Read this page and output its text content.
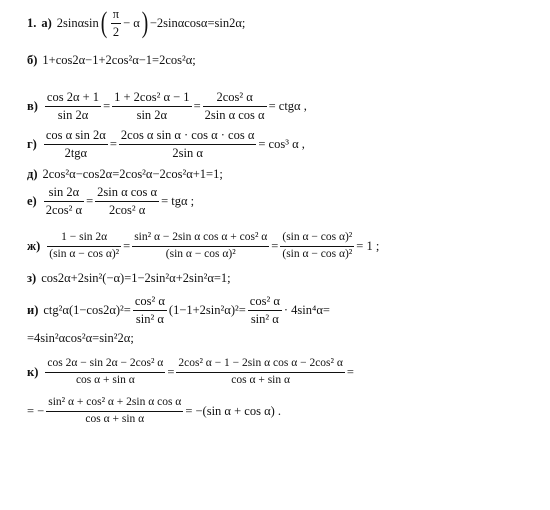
1. а) 2sinαsin ( $\frac{\pi}{2} - \alpha$ ) −2sinαcosα=sin2α;
б) 1+cos2α−1+2cos²α−1=2cos²α;
$в) \frac{\cos 2\alpha + 1}{\sin 2\alpha} = \frac{\text{1 + 2cos² α − 1}}{\sin 2\alpha} = \frac{\text{2cos² α}}{\text{2sin α cos α}} = ctg\alpha$ ,
$г) \frac{\text{cos α sin 2α}}{\text{2tgα}} = \frac{\text{2cos α sin α · cos α · cos α}}{\text{2sin α}} = \cos^3$ α ,
д) 2cos²α−cos2α=2cos²α−2cos²α+1=1;
$е) \frac{\sin 2\alpha}{\text{2cos² α}} = \frac{\text{2sin α cos α}}{\text{2cos² α}} = tg\alpha$ ;
$ж) \frac{1 - \sin 2\alpha}{\text{(sin α − cos α)²}} = \frac{\text{sin² α − 2sin α cos α + cos² α}}{\text{(sin α − cos α)²}} = \frac{\text{(sin α − cos α)²}}{\text{(sin α − cos α)²}} = 1$ ;
з) cos2α+2sin²(−α)=1−2sin²α+2sin²α=1;
и) $ctg^2\alpha(1-\cos 2\alpha)^2= \frac{\text{cos² α}}{\text{sin² α}} (1-1+2\sin^2\alpha)^2= \frac{\text{cos² α}}{\text{sin² α}} \cdot 4\sin^4\alpha=$
=4sin²αcos²α=sin²2α;
$к) \frac{\text{cos 2α − sin 2α − 2cos² α}}{\text{cos α + sin α}} = \frac{\text{2cos² α − 1 − 2sin α cos α − 2cos² α}}{\text{cos α + sin α}}$ =
= − $\frac{\text{sin² α + cos² α + 2sin α cos α}}{\text{cos α + sin α}} = -(\sin$ α + cos α) .
